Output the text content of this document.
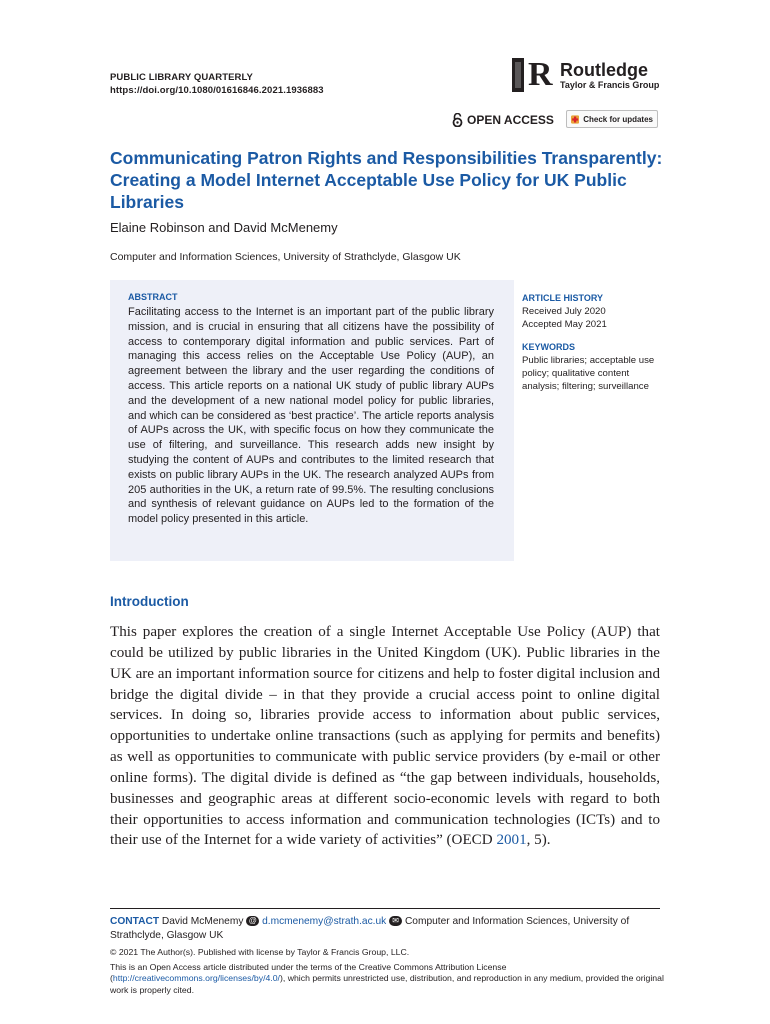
PUBLIC LIBRARY QUARTERLY
https://doi.org/10.1080/01616846.2021.1936883	R Routledge
Taylor & Francis Group
OPEN ACCESS	Check for updates
Communicating Patron Rights and Responsibilities Transparently: Creating a Model Internet Acceptable Use Policy for UK Public Libraries
Elaine Robinson and David McMenemy
Computer and Information Sciences, University of Strathclyde, Glasgow UK
ABSTRACT
Facilitating access to the Internet is an important part of the public library mission, and is crucial in ensuring that all citizens have the possibility of access to contemporary digital information and public services. Part of managing this access relies on the Acceptable Use Policy (AUP), an agreement between the library and the user regarding the conditions of access. This article reports on a national UK study of public library AUPs and the development of a new national model policy for public libraries, and which can be considered as ‘best practice’. The article reports analysis of AUPs across the UK, with specific focus on how they communicate the use of filtering, and surveillance. This research adds new insight by studying the content of AUPs and contributes to the limited research that exists on public library AUPs in the UK. The research analyzed AUPs from 205 authorities in the UK, a return rate of 99.5%. The resulting conclusions and synthesis of relevant guidance on AUPs led to the formation of the model policy presented in this article.
ARTICLE HISTORY
Received July 2020
Accepted May 2021
KEYWORDS
Public libraries; acceptable use policy; qualitative content analysis; filtering; surveillance
Introduction
This paper explores the creation of a single Internet Acceptable Use Policy (AUP) that could be utilized by public libraries in the United Kingdom (UK). Public libraries in the UK are an important information source for citizens and help to foster digital inclusion and bridge the digital divide – in that they provide a crucial access point to online digital services. In doing so, libraries provide access to information about public services, opportunities to undertake online transactions (such as applying for permits and benefits) as well as opportunities to communicate with public service providers (by e-mail or other online forms). The digital divide is defined as “the gap between individuals, households, businesses and geographic areas at different socio-economic levels with regard to both their opportunities to access information and communication technologies (ICTs) and to their use of the Internet for a wide variety of activities” (OECD 2001, 5).
CONTACT David McMenemy @ d.mcmenemy@strath.ac.uk ✉ Computer and Information Sciences, University of Strathclyde, Glasgow UK
© 2021 The Author(s). Published with license by Taylor & Francis Group, LLC.
This is an Open Access article distributed under the terms of the Creative Commons Attribution License (http://creativecommons.org/licenses/by/4.0/), which permits unrestricted use, distribution, and reproduction in any medium, provided the original work is properly cited.
